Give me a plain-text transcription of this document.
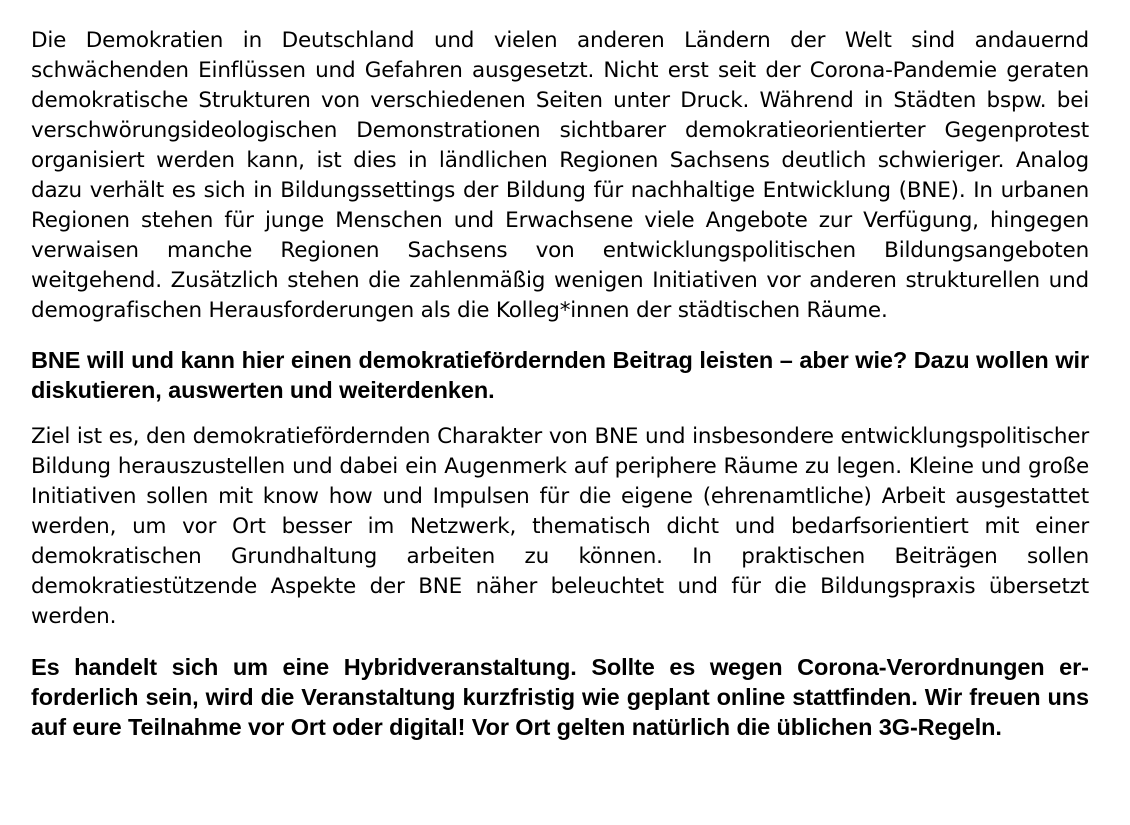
Die Demokratien in Deutschland und vielen anderen Ländern der Welt sind andauernd schwächenden Einflüssen und Gefahren ausgesetzt. Nicht erst seit der Corona-Pandemie geraten demokratische Strukturen von verschiedenen Seiten unter Druck. Während in Städten bspw. bei verschwörungsideologischen Demonstrationen sichtbarer demokratieorientierter Gegenprotest organisiert werden kann, ist dies in ländlichen Regionen Sachsens deutlich schwieriger. Analog dazu verhält es sich in Bildungssettings der Bildung für nachhaltige Entwicklung (BNE). In urbanen Regionen stehen für junge Menschen und Erwachsene viele Angebote zur Verfügung, hingegen verwaisen manche Regionen Sachsens von entwicklungspolitischen Bildungsangeboten weitgehend. Zusätzlich stehen die zahlenmäßig wenigen Initiativen vor anderen strukturellen und demografischen Herausforderungen als die Kolleg*innen der städtischen Räume.

BNE will und kann hier einen demokratiefördernden Beitrag leisten – aber wie? Dazu wollen wir diskutieren, auswerten und weiterdenken.

Ziel ist es, den demokratiefördernden Charakter von BNE und insbesondere entwicklungspolitischer Bildung herauszustellen und dabei ein Augenmerk auf periphere Räume zu legen. Kleine und große Initiativen sollen mit know how und Impulsen für die eigene (ehrenamtliche) Arbeit ausgestattet werden, um vor Ort besser im Netzwerk, thematisch dicht und bedarfsorientiert mit einer demokratischen Grundhaltung arbeiten zu können. In praktischen Beiträgen sollen demokratiestützende Aspekte der BNE näher beleuchtet und für die Bildungspraxis übersetzt werden.

Es handelt sich um eine Hybridveranstaltung. Sollte es wegen Corona-Verordnungen erforderlich sein, wird die Veranstaltung kurzfristig wie geplant online stattfinden. Wir freuen uns auf eure Teilnahme vor Ort oder digital! Vor Ort gelten natürlich die üblichen 3G-Regeln.
